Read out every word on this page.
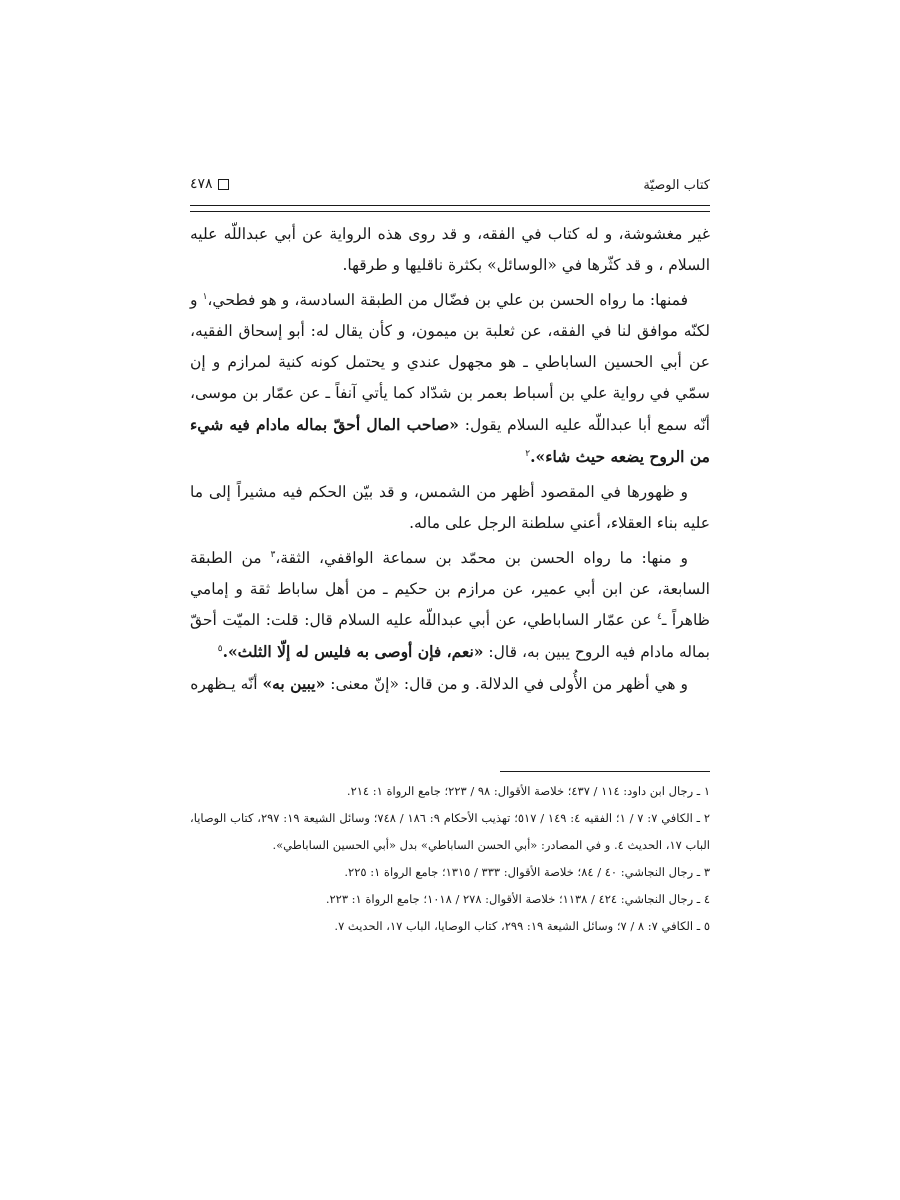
كتاب الوصيّة
٤٧٨

غير مغشوشة، و له كتاب في الفقه، و قد روى هذه الرواية عن أبي عبداللّه عليه السلام ، و قد كثّرها في «الوسائل» بكثرة ناقليها و طرقها.

فمنها: ما رواه الحسن بن علي بن فضّال من الطبقة السادسة، و هو فطحي،$^١$ و لكنّه موافق لنا في الفقه، عن ثعلبة بن ميمون، و كأن يقال له: أبو إسحاق الفقيه، عن أبي الحسين الساباطي ـ هو مجهول عندي و يحتمل كونه كنية لمرازم و إن سمّي في رواية علي بن أسباط بعمر بن شدّاد كما يأتي آنفاً ـ عن عمّار بن موسى، أنّه سمع أبا عبداللّه عليه السلام يقول: «صاحب المال أحقّ بماله مادام فيه شيء من الروح يضعه حيث شاء».$^٢$

و ظهورها في المقصود أظهر من الشمس، و قد بيّن الحكم فيه مشيراً إلى ما عليه بناء العقلاء، أعني سلطنة الرجل على ماله.

و منها: ما رواه الحسن بن محمّد بن سماعة الواقفي، الثقة،$^٣$ من الطبقة السابعة، عن ابن أبي عمير، عن مرازم بن حكيم ـ من أهل ساباط ثقة و إمامي ظاهراً ـ$^٤$ عن عمّار الساباطي، عن أبي عبداللّه عليه السلام قال: قلت: الميّت أحقّ بماله مادام فيه الروح يبين به، قال: «نعم، فإن أوصى به فليس له إلّا الثلث».$^٥$

و هي أظهر من الأُولى في الدلالة. و من قال: «إنّ معنى: «يبين به» أنّه يـظهره

١ ـ رجال ابن داود: ١١٤ / ٤٣٧؛ خلاصة الأقوال: ٩٨ / ٢٢٣؛ جامع الرواة ١: ٢١٤.

٢ ـ الكافي ٧: ٧ / ١؛ الفقيه ٤: ١٤٩ / ٥١٧؛ تهذيب الأحكام ٩: ١٨٦ / ٧٤٨؛ وسائل الشيعة ١٩: ٢٩٧، كتاب الوصايا، الباب ١٧، الحديث ٤. و في المصادر: «أبي الحسن الساباطي» بدل «أبي الحسين الساباطي».

٣ ـ رجال النجاشي: ٤٠ / ٨٤؛ خلاصة الأقوال: ٣٣٣ / ١٣١٥؛ جامع الرواة ١: ٢٢٥.

٤ ـ رجال النجاشي: ٤٢٤ / ١١٣٨؛ خلاصة الأقوال: ٢٧٨ / ١٠١٨؛ جامع الرواة ١: ٢٢٣.

٥ ـ الكافي ٧: ٨ / ٧؛ وسائل الشيعة ١٩: ٢٩٩، كتاب الوصايا، الباب ١٧، الحديث ٧.
